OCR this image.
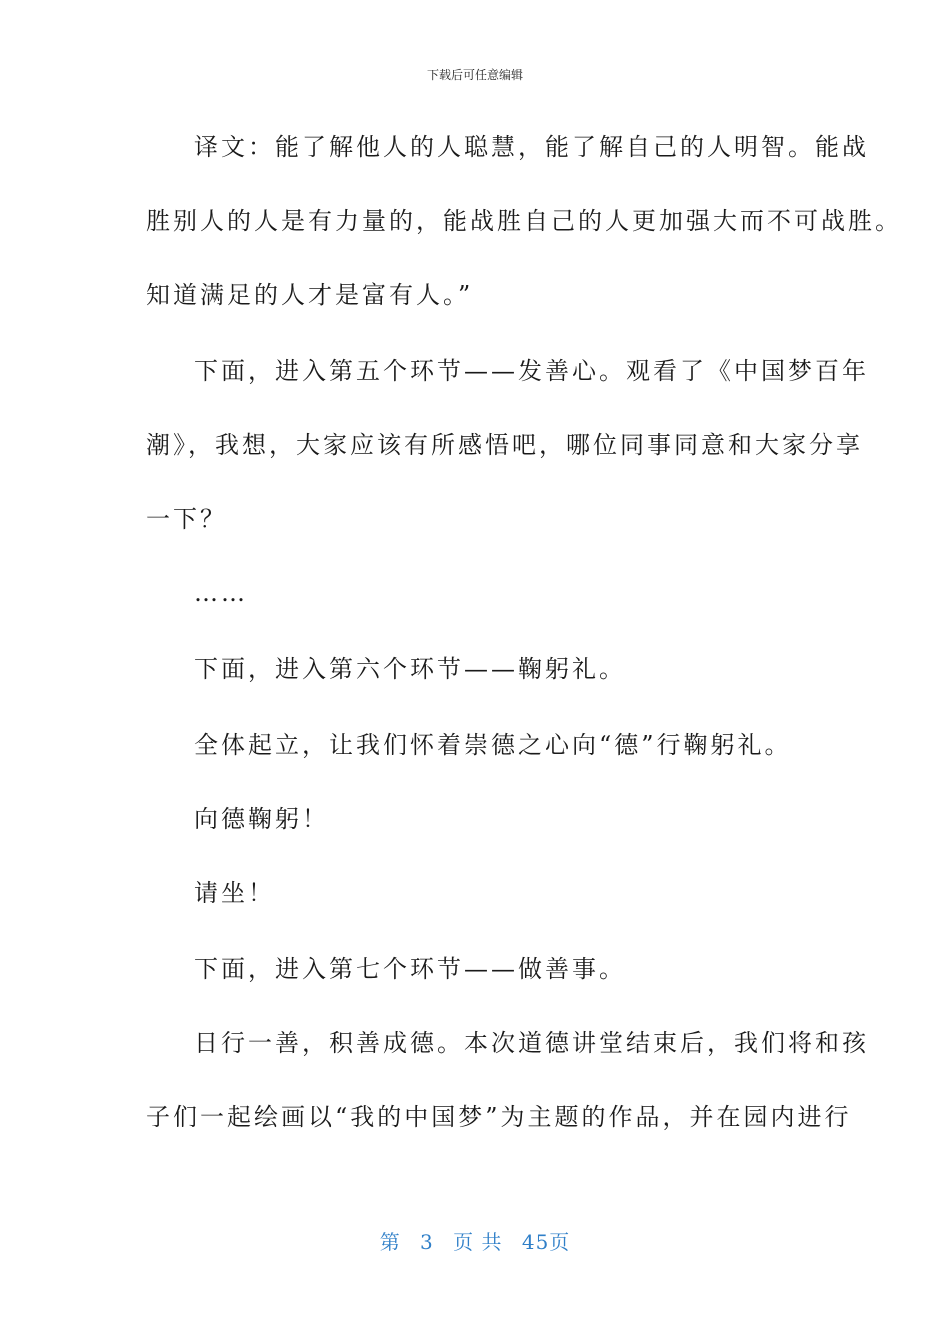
下载后可任意编辑
译文：能了解他人的人聪慧，能了解自己的人明智。能战
胜别人的人是有力量的，能战胜自己的人更加强大而不可战胜。
知道满足的人才是富有人。”
下面，进入第五个环节——发善心。观看了《中国梦百年
潮》，我想，大家应该有所感悟吧，哪位同事同意和大家分享
一下？
……
下面，进入第六个环节——鞠躬礼。
全体起立，让我们怀着崇德之心向“德”行鞠躬礼。
向德鞠躬！
请坐！
下面，进入第七个环节——做善事。
日行一善，积善成德。本次道德讲堂结束后，我们将和孩
子们一起绘画以“我的中国梦”为主题的作品，并在园内进行
第 3 页 共 45页
